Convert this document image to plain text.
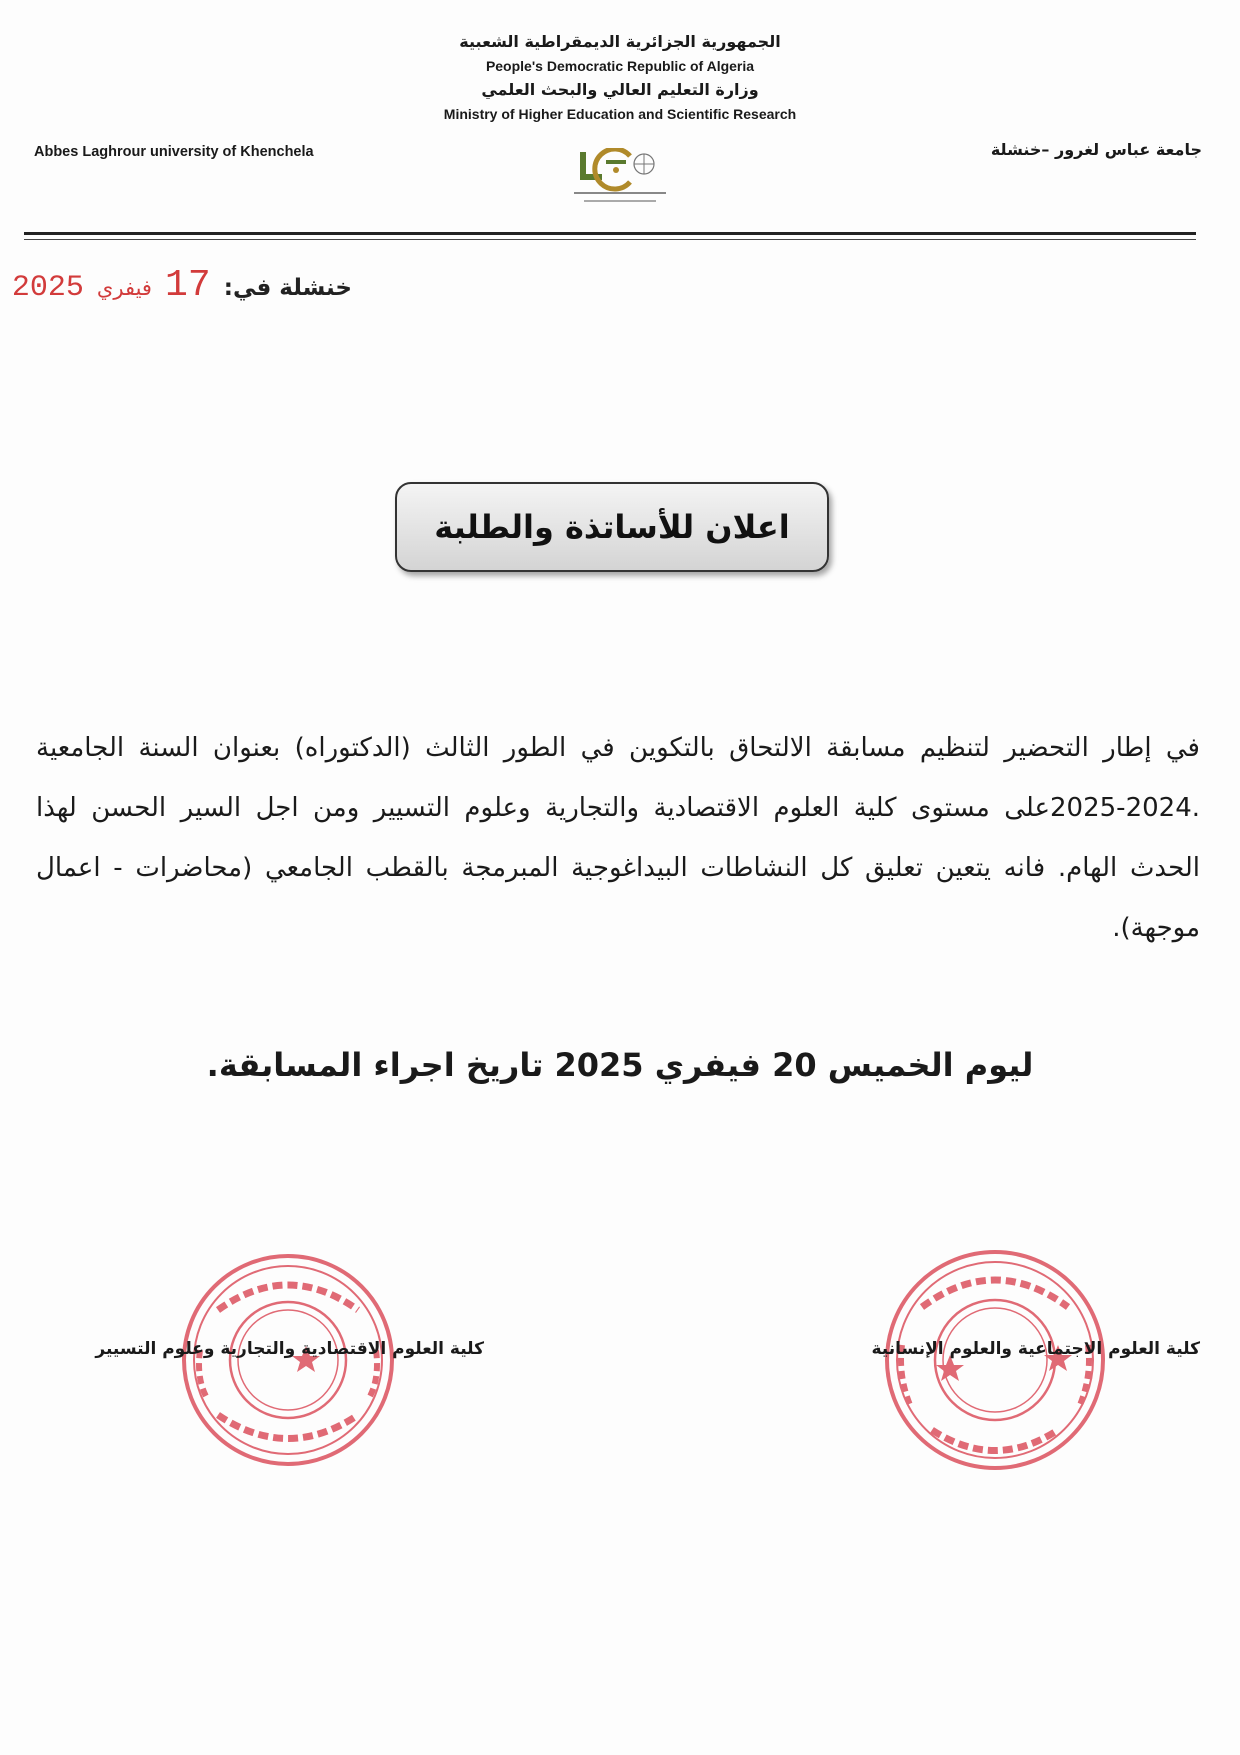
الجمهورية الجزائرية الديمقراطية الشعبية
People's Democratic Republic of Algeria
وزارة التعليم العالي والبحث العلمي
Ministry of Higher Education and Scientific Research
Abbes Laghrour university of Khenchela	جامعة عباس لغرور –خنشلة
خنشلة في: 17 فيفري 2025
اعلان للأساتذة والطلبة
في إطار التحضير لتنظيم مسابقة الالتحاق بالتكوين في الطور الثالث (الدكتوراه) بعنوان السنة الجامعية .2024-2025على مستوى كلية العلوم الاقتصادية والتجارية وعلوم التسيير ومن اجل السير الحسن لهذا الحدث الهام. فانه يتعين تعليق كل النشاطات البيداغوجية المبرمجة بالقطب الجامعي (محاضرات - اعمال موجهة).
ليوم الخميس 20 فيفري 2025 تاريخ اجراء المسابقة.
كلية العلوم الاقتصادية والتجارية وعلوم التسيير	كلية العلوم الاجتماعية والعلوم الإنسانية
